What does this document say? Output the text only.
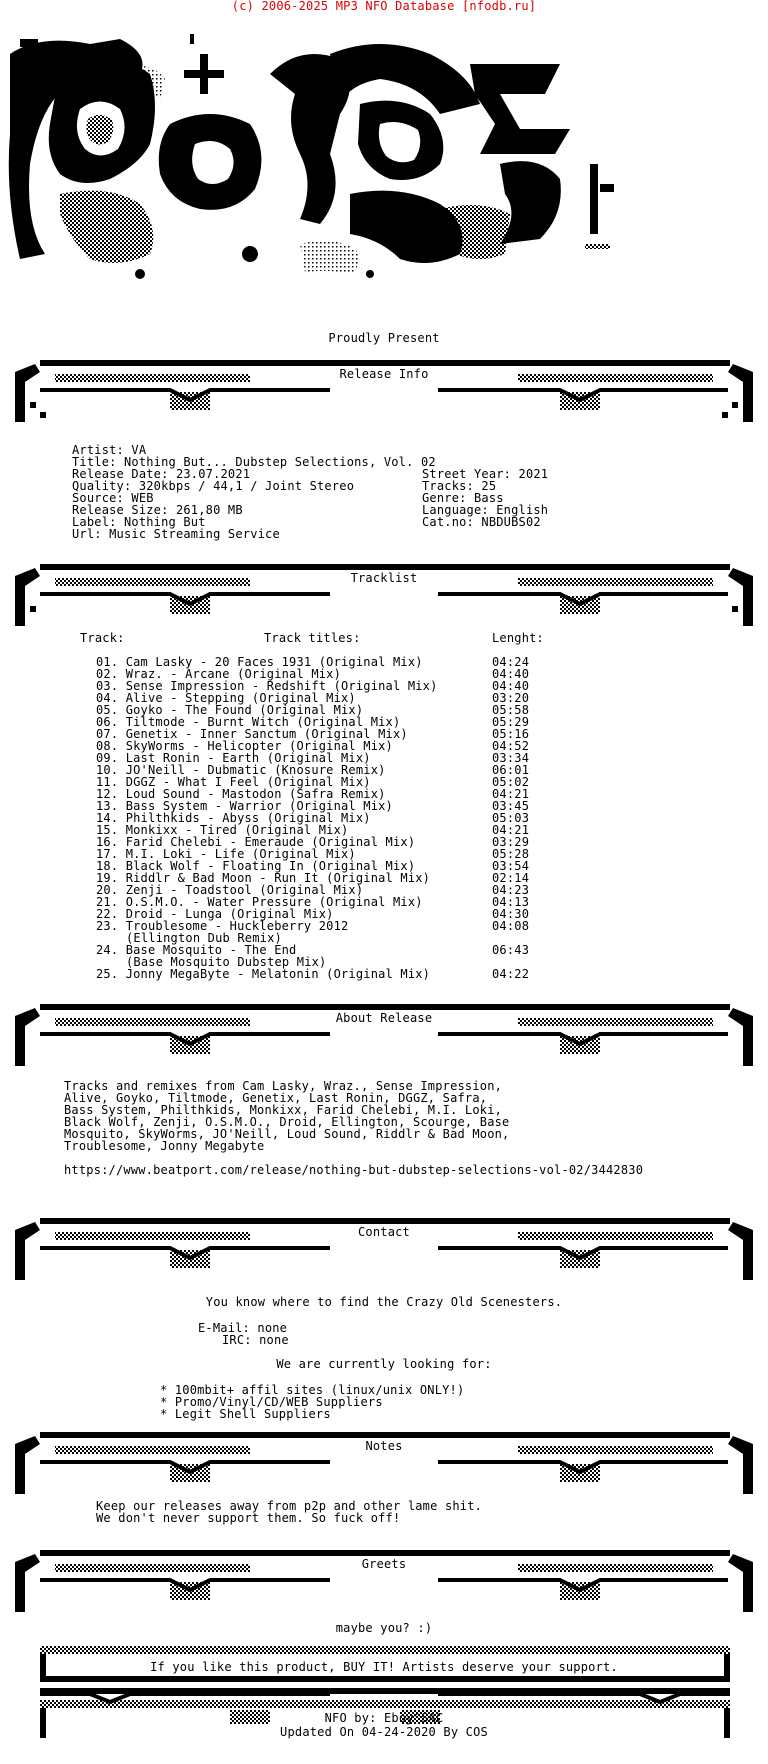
(c) 2006-2025 MP3 NFO Database [nfodb.ru]
Proudly Present
Release Info
Artist: VA
Title: Nothing But... Dubstep Selections, Vol. 02
Release Date: 23.07.2021
Quality: 320kbps / 44,1 / Joint Stereo
Source: WEB
Release Size: 261,80 MB
Label: Nothing But
Url: Music Streaming Service
Street Year: 2021
Tracks: 25
Genre: Bass
Language: English
Cat.no: NBDUBS02
Tracklist
Track:	Track titles:	Lenght:
01. Cam Lasky - 20 Faces 1931 (Original Mix)	04:24
02. Wraz. - Arcane (Original Mix)	04:40
03. Sense Impression - Redshift (Original Mix)	04:40
04. Alive - Stepping (Original Mix)	03:20
05. Goyko - The Found (Original Mix)	05:58
06. Tiltmode - Burnt Witch (Original Mix)	05:29
07. Genetix - Inner Sanctum (Original Mix)	05:16
08. SkyWorms - Helicopter (Original Mix)	04:52
09. Last Ronin - Earth (Original Mix)	03:34
10. JO'Neill - Dubmatic (Knosure Remix)	06:01
11. DGGZ - What I Feel (Original Mix)	05:02
12. Loud Sound - Mastodon (Safra Remix)	04:21
13. Bass System - Warrior (Original Mix)	03:45
14. Philthkids - Abyss (Original Mix)	05:03
15. Monkixx - Tired (Original Mix)	04:21
16. Farid Chelebi - Emeraude (Original Mix)	03:29
17. M.I. Loki - Life (Original Mix)	05:28
18. Black Wolf - Floating In (Original Mix)	03:54
19. Riddlr & Bad Moon - Run It (Original Mix)	02:14
20. Zenji - Toadstool (Original Mix)	04:23
21. O.S.M.O. - Water Pressure (Original Mix)	04:13
22. Droid - Lunga (Original Mix)	04:30
23. Troublesome - Huckleberry 2012	04:08
(Ellington Dub Remix)
24. Base Mosquito - The End	06:43
(Base Mosquito Dubstep Mix)
25. Jonny MegaByte - Melatonin (Original Mix)	04:22
About Release
Tracks and remixes from Cam Lasky, Wraz., Sense Impression,
Alive, Goyko, Tiltmode, Genetix, Last Ronin, DGGZ, Safra,
Bass System, Philthkids, Monkixx, Farid Chelebi, M.I. Loki,
Black Wolf, Zenji, O.S.M.O., Droid, Ellington, Scourge, Base
Mosquito, SkyWorms, JO'Neill, Loud Sound, Riddlr & Bad Moon,
Troublesome, Jonny Megabyte
https://www.beatport.com/release/nothing-but-dubstep-selections-vol-02/3442830
Contact
You know where to find the Crazy Old Scenesters.
E-Mail: none
IRC: none
We are currently looking for:
* 100mbit+ affil sites (linux/unix ONLY!)
* Promo/Vinyl/CD/WEB Suppliers
* Legit Shell Suppliers
Notes
Keep our releases away from p2p and other lame shit.
We don't never support them. So fuck off!
Greets
maybe you? :)
If you like this product, BUY IT! Artists deserve your support.
NFO by: Eboy^SAC
Updated On 04-24-2020 By COS
